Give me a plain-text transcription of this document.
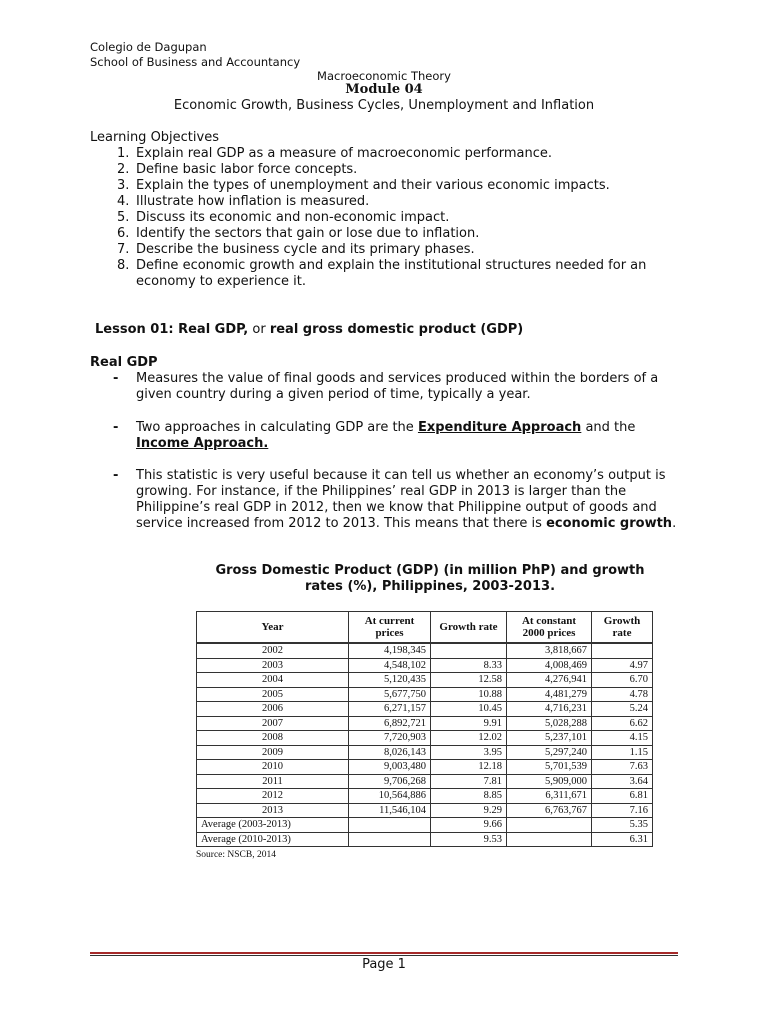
Colegio de Dagupan
School of Business and Accountancy
Macroeconomic Theory
Module 04
Economic Growth, Business Cycles, Unemployment and Inflation
Learning Objectives
1. Explain real GDP as a measure of macroeconomic performance.
2. Define basic labor force concepts.
3. Explain the types of unemployment and their various economic impacts.
4. Illustrate how inflation is measured.
5. Discuss its economic and non-economic impact.
6. Identify the sectors that gain or lose due to inflation.
7. Describe the business cycle and its primary phases.
8. Define economic growth and explain the institutional structures needed for an economy to experience it.
Lesson 01: Real GDP, or real gross domestic product (GDP)
Real GDP
- Measures the value of final goods and services produced within the borders of a given country during a given period of time, typically a year.
- Two approaches in calculating GDP are the Expenditure Approach and the Income Approach.
- This statistic is very useful because it can tell us whether an economy’s output is growing. For instance, if the Philippines’ real GDP in 2013 is larger than the Philippine’s real GDP in 2012, then we know that Philippine output of goods and service increased from 2012 to 2013. This means that there is economic growth.
Gross Domestic Product (GDP) (in million PhP) and growth rates (%), Philippines, 2003-2013.
Year	At current prices	Growth rate	At constant 2000 prices	Growth rate
2002	4,198,345		3,818,667	
2003	4,548,102	8.33	4,008,469	4.97
2004	5,120,435	12.58	4,276,941	6.70
2005	5,677,750	10.88	4,481,279	4.78
2006	6,271,157	10.45	4,716,231	5.24
2007	6,892,721	9.91	5,028,288	6.62
2008	7,720,903	12.02	5,237,101	4.15
2009	8,026,143	3.95	5,297,240	1.15
2010	9,003,480	12.18	5,701,539	7.63
2011	9,706,268	7.81	5,909,000	3.64
2012	10,564,886	8.85	6,311,671	6.81
2013	11,546,104	9.29	6,763,767	7.16
Average (2003-2013)		9.66		5.35
Average (2010-2013)		9.53		6.31
Source: NSCB, 2014
Page 1
